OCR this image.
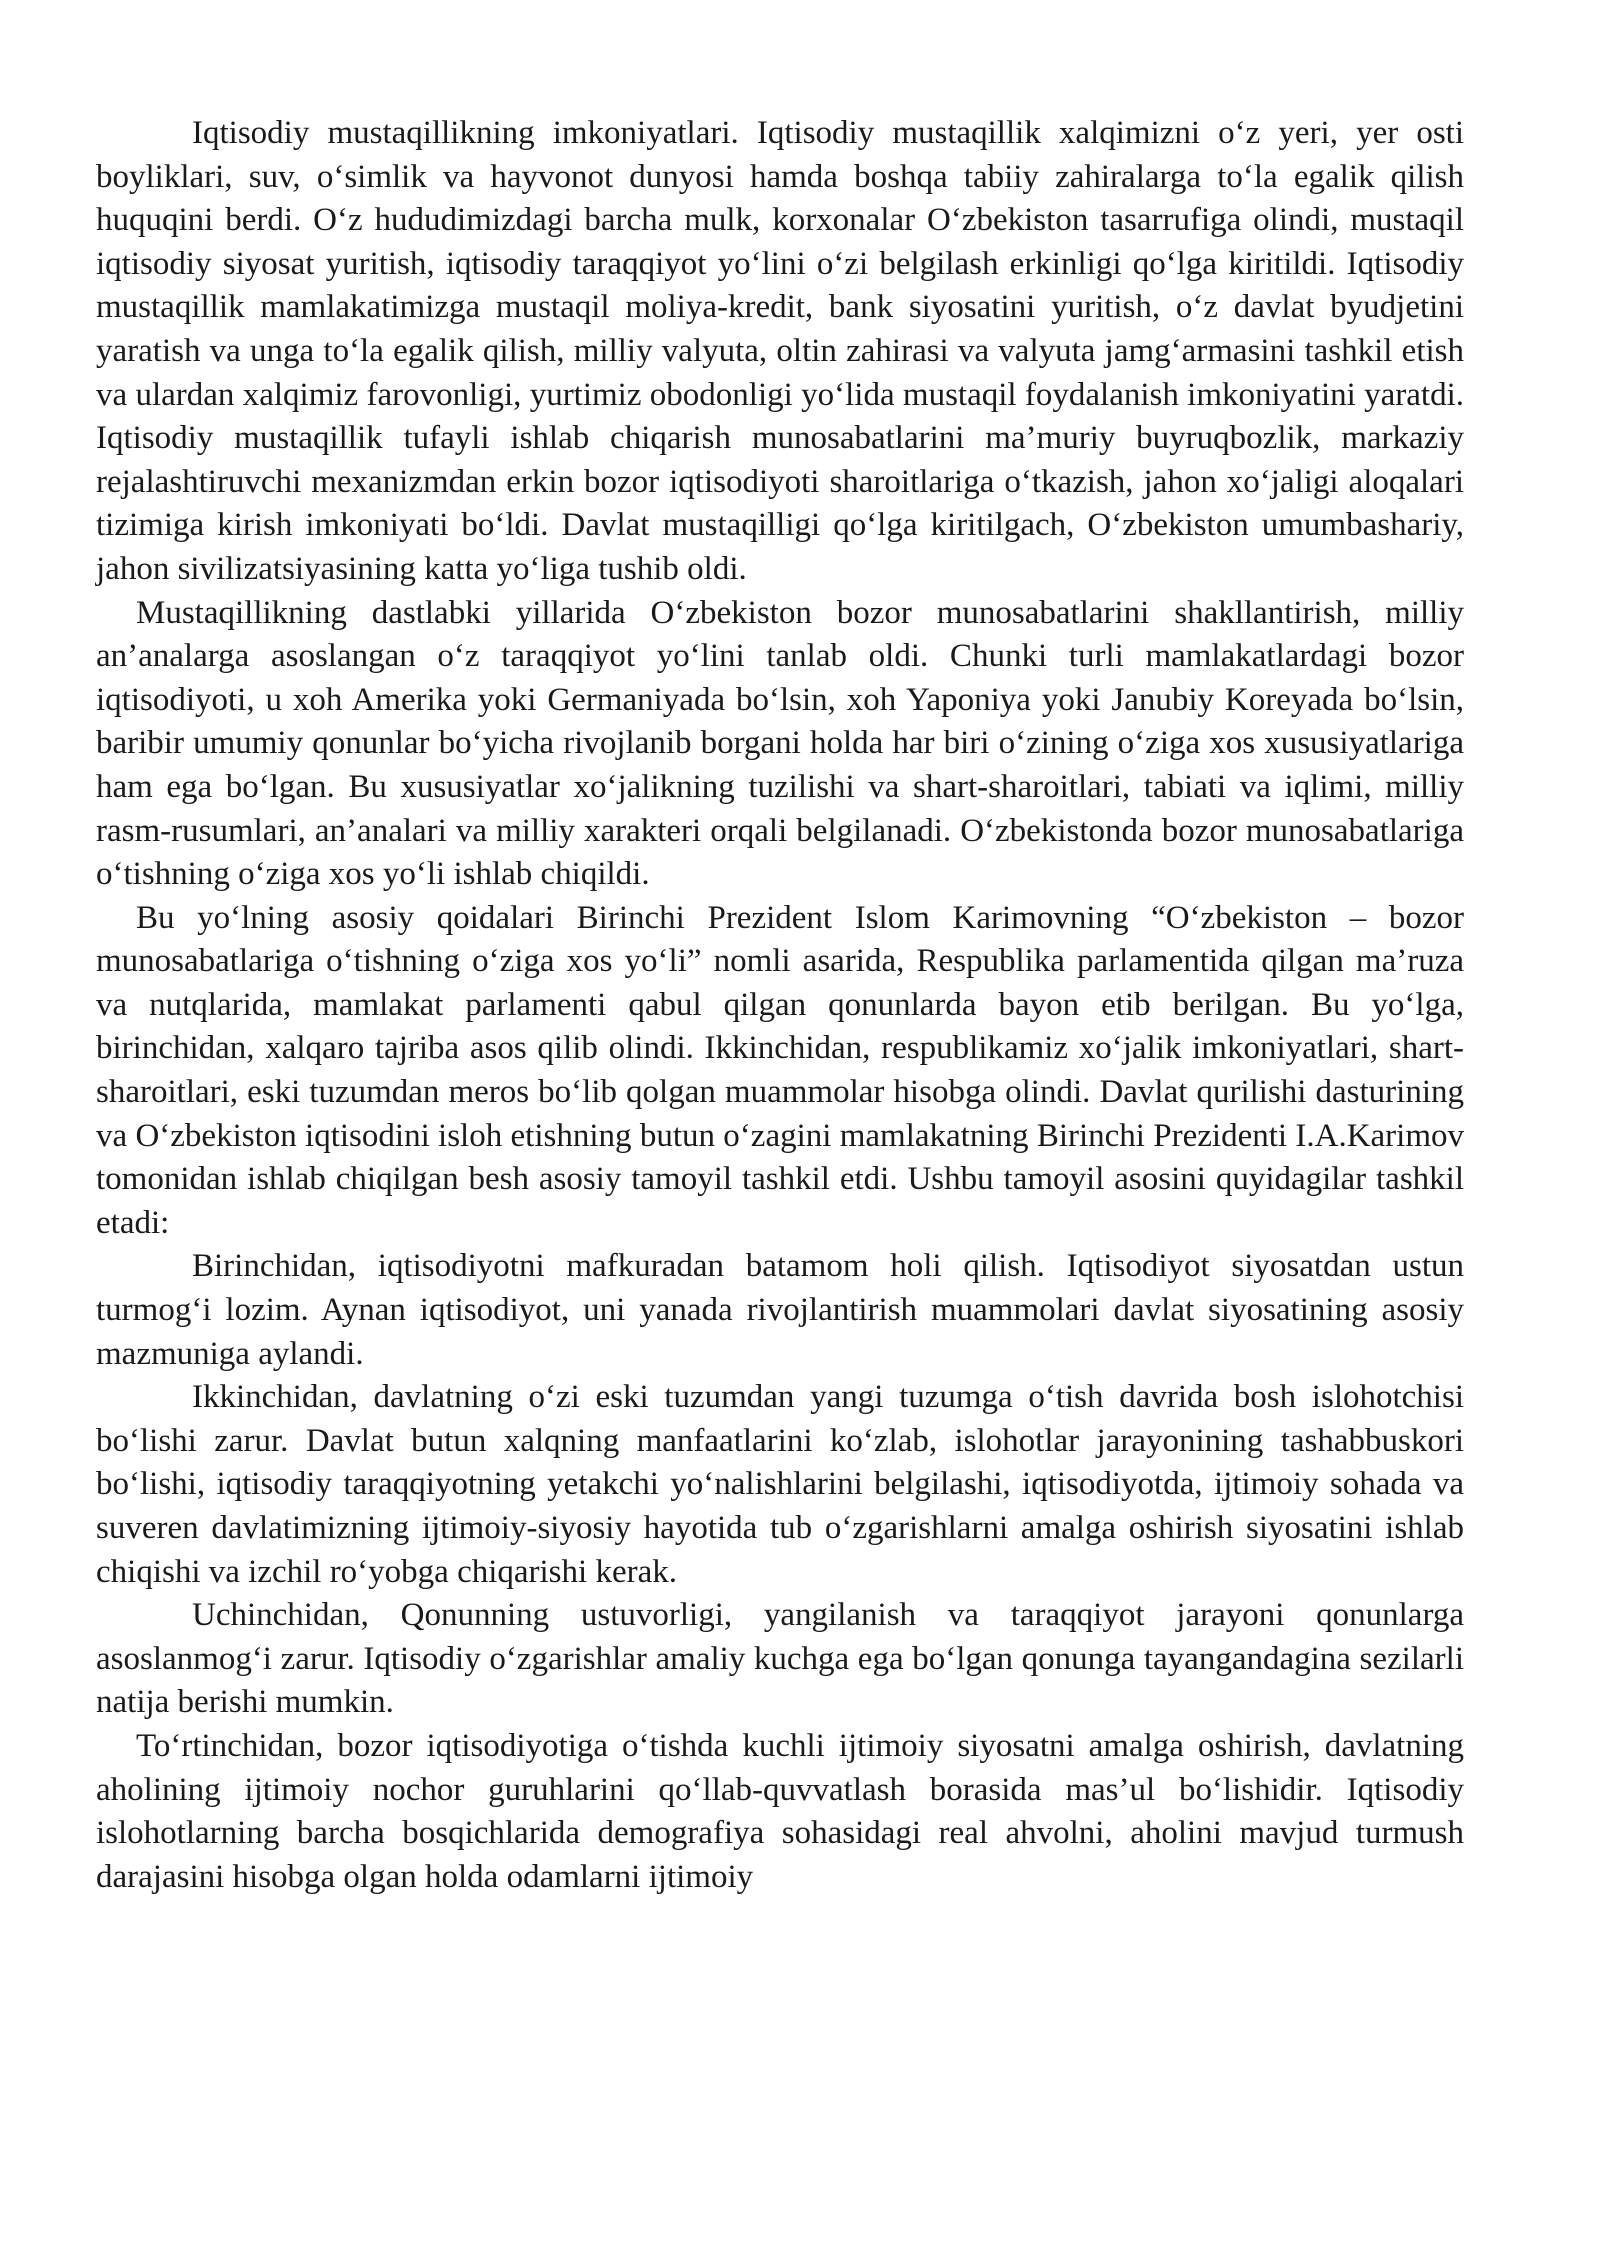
Iqtisodiy mustaqillikning imkoniyatlari. Iqtisodiy mustaqillik xalqimizni o‘z yeri, yer osti boyliklari, suv, o‘simlik va hayvonot dunyosi hamda boshqa tabiiy zahiralarga to‘la egalik qilish huquqini berdi. O‘z hududimizdagi barcha mulk, korxonalar O‘zbekiston tasarrufiga olindi, mustaqil iqtisodiy siyosat yuritish, iqtisodiy taraqqiyot yo‘lini o‘zi belgilash erkinligi qo‘lga kiritildi. Iqtisodiy mustaqillik mamlakatimizga mustaqil moliya-kredit, bank siyosatini yuritish, o‘z davlat byudjetini yaratish va unga to‘la egalik qilish, milliy valyuta, oltin zahirasi va valyuta jamg‘armasini tashkil etish va ulardan xalqimiz farovonligi, yurtimiz obodonligi yo‘lida mustaqil foydalanish imkoniyatini yaratdi. Iqtisodiy mustaqillik tufayli ishlab chiqarish munosabatlarini ma’muriy buyruqbozlik, markaziy rejalashtiruvchi mexanizmdan erkin bozor iqtisodiyoti sharoitlariga o‘tkazish, jahon xo‘jaligi aloqalari tizimiga kirish imkoniyati bo‘ldi. Davlat mustaqilligi qo‘lga kiritilgach, O‘zbekiston umumbashariy, jahon sivilizatsiyasining katta yo‘liga tushib oldi.

Mustaqillikning dastlabki yillarida O‘zbekiston bozor munosabatlarini shakllantirish, milliy an’analarga asoslangan o‘z taraqqiyot yo‘lini tanlab oldi. Chunki turli mamlakatlardagi bozor iqtisodiyoti, u xoh Amerika yoki Germaniyada bo‘lsin, xoh Yaponiya yoki Janubiy Koreyada bo‘lsin, baribir umumiy qonunlar bo‘yicha rivojlanib borgani holda har biri o‘zining o‘ziga xos xususiyatlariga ham ega bo‘lgan. Bu xususiyatlar xo‘jalikning tuzilishi va shart-sharoitlari, tabiati va iqlimi, milliy rasm-rusumlari, an’analari va milliy xarakteri orqali belgilanadi. O‘zbekistonda bozor munosabatlariga o‘tishning o‘ziga xos yo‘li ishlab chiqildi.

Bu yo‘lning asosiy qoidalari Birinchi Prezident Islom Karimovning “O‘zbekiston – bozor munosabatlariga o‘tishning o‘ziga xos yo‘li” nomli asarida, Respublika parlamentida qilgan ma’ruza va nutqlarida, mamlakat parlamenti qabul qilgan qonunlarda bayon etib berilgan. Bu yo‘lga, birinchidan, xalqaro tajriba asos qilib olindi. Ikkinchidan, respublikamiz xo‘jalik imkoniyatlari, shart-sharoitlari, eski tuzumdan meros bo‘lib qolgan muammolar hisobga olindi. Davlat qurilishi dasturining va O‘zbekiston iqtisodini isloh etishning butun o‘zagini mamlakatning Birinchi Prezidenti I.A.Karimov tomonidan ishlab chiqilgan besh asosiy tamoyil tashkil etdi. Ushbu tamoyil asosini quyidagilar tashkil etadi:

Birinchidan, iqtisodiyotni mafkuradan batamom holi qilish. Iqtisodiyot siyosatdan ustun turmog‘i lozim. Aynan iqtisodiyot, uni yanada rivojlantirish muammolari davlat siyosatining asosiy mazmuniga aylandi.

Ikkinchidan, davlatning o‘zi eski tuzumdan yangi tuzumga o‘tish davrida bosh islohotchisi bo‘lishi zarur. Davlat butun xalqning manfaatlarini ko‘zlab, islohotlar jarayonining tashabbuskori bo‘lishi, iqtisodiy taraqqiyotning yetakchi yo‘nalishlarini belgilashi, iqtisodiyotda, ijtimoiy sohada va suveren davlatimizning ijtimoiy-siyosiy hayotida tub o‘zgarishlarni amalga oshirish siyosatini ishlab chiqishi va izchil ro‘yobga chiqarishi kerak.

Uchinchidan, Qonunning ustuvorligi, yangilanish va taraqqiyot jarayoni qonunlarga asoslanmog‘i zarur. Iqtisodiy o‘zgarishlar amaliy kuchga ega bo‘lgan qonunga tayangandagina sezilarli natija berishi mumkin.

To‘rtinchidan, bozor iqtisodiyotiga o‘tishda kuchli ijtimoiy siyosatni amalga oshirish, davlatning aholining ijtimoiy nochor guruhlarini qo‘llab-quvvatlash borasida mas’ul bo‘lishidir. Iqtisodiy islohotlarning barcha bosqichlarida demografiya sohasidagi real ahvolni, aholini mavjud turmush darajasini hisobga olgan holda odamlarni ijtimoiy
